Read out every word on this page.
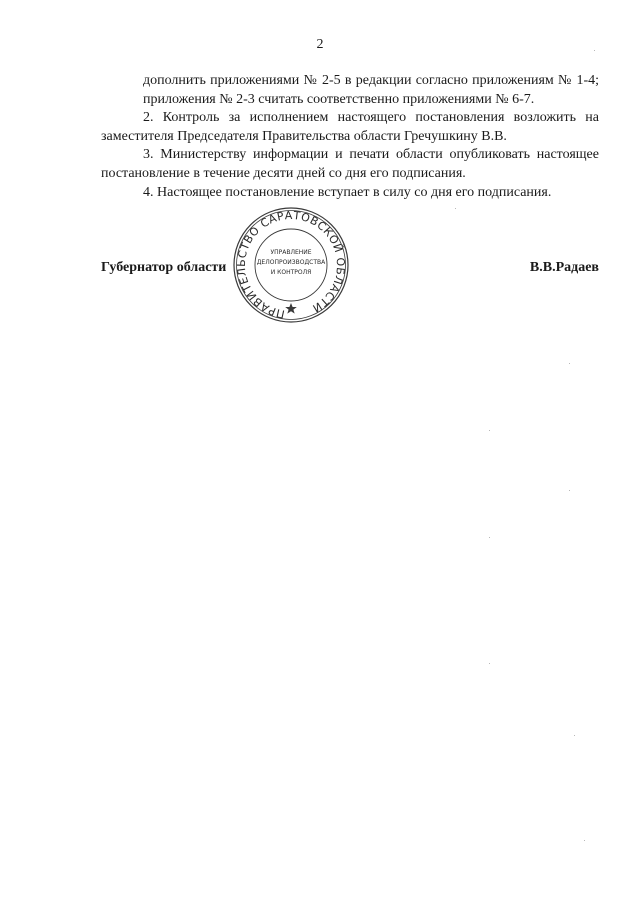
2

дополнить приложениями № 2-5 в редакции согласно приложениям № 1-4;

приложения № 2-3 считать соответственно приложениями № 6-7.

2. Контроль за исполнением настоящего постановления возложить на заместителя Председателя Правительства области Гречушкину В.В.

3. Министерству информации и печати области опубликовать настоящее постановление в течение десяти дней со дня его подписания.

4. Настоящее постановление вступает в силу со дня его подписания.

Губернатор области	В.В.Радаев
ПРАВИТЕЛЬСТВО САРАТОВСКОЙ ОБЛАСТИ
УПРАВЛЕНИЕ
ДЕЛОПРОИЗВОДСТВА
И КОНТРОЛЯ
